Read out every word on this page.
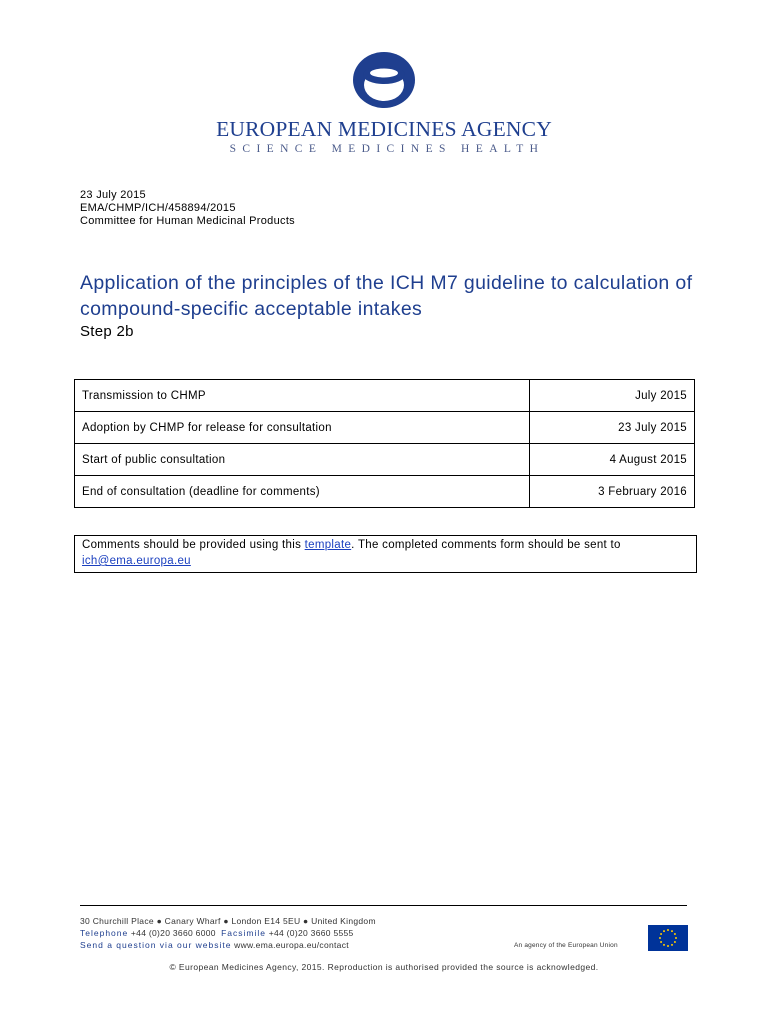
EUROPEAN MEDICINES AGENCY
SCIENCE MEDICINES HEALTH
23 July 2015
EMA/CHMP/ICH/458894/2015
Committee for Human Medicinal Products
Application of the principles of the ICH M7 guideline to calculation of compound-specific acceptable intakes
Step 2b
Transmission to CHMP	July 2015
Adoption by CHMP for release for consultation	23 July 2015
Start of public consultation	4 August 2015
End of consultation (deadline for comments)	3 February 2016
Comments should be provided using this template. The completed comments form should be sent to
ich@ema.europa.eu
30 Churchill Place ● Canary Wharf ● London E14 5EU ● United Kingdom
Telephone +44 (0)20 3660 6000 Facsimile +44 (0)20 3660 5555
Send a question via our website www.ema.europa.eu/contact	An agency of the European Union
© European Medicines Agency, 2015. Reproduction is authorised provided the source is acknowledged.
